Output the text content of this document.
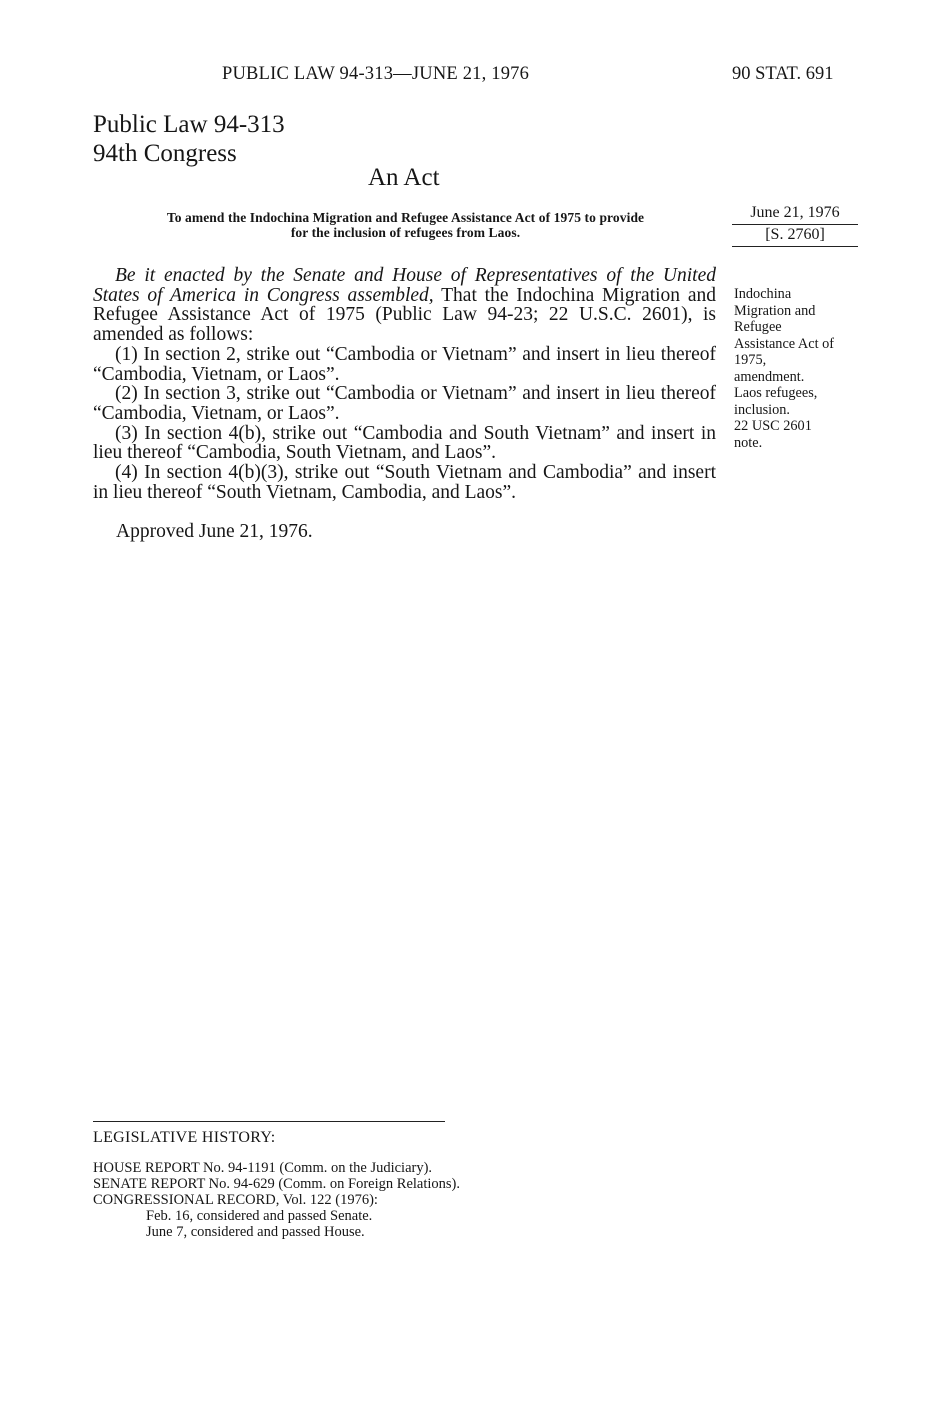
PUBLIC LAW 94-313—JUNE 21, 1976	90 STAT. 691
Public Law 94-313
94th Congress
An Act
To amend the Indochina Migration and Refugee Assistance Act of 1975 to provide
for the inclusion of refugees from Laos.
June 21, 1976
[S. 2760]

Be it enacted by the Senate and House of Representatives of the United States of America in Congress assembled, That the Indochina Migration and Refugee Assistance Act of 1975 (Public Law 94-23; 22 U.S.C. 2601), is amended as follows:

(1) In section 2, strike out “Cambodia or Vietnam” and insert in lieu thereof “Cambodia, Vietnam, or Laos”.

(2) In section 3, strike out “Cambodia or Vietnam” and insert in lieu thereof “Cambodia, Vietnam, or Laos”.

(3) In section 4(b), strike out “Cambodia and South Vietnam” and insert in lieu thereof “Cambodia, South Vietnam, and Laos”.

(4) In section 4(b)(3), strike out “South Vietnam and Cambodia” and insert in lieu thereof “South Vietnam, Cambodia, and Laos”.

Indochina
Migration and
Refugee
Assistance Act of
1975,
amendment.
Laos refugees,
inclusion.
22 USC 2601
note.
Approved June 21, 1976.
LEGISLATIVE HISTORY:
HOUSE REPORT No. 94-1191 (Comm. on the Judiciary).
SENATE REPORT No. 94-629 (Comm. on Foreign Relations).
CONGRESSIONAL RECORD, Vol. 122 (1976):
Feb. 16, considered and passed Senate.
June 7, considered and passed House.
